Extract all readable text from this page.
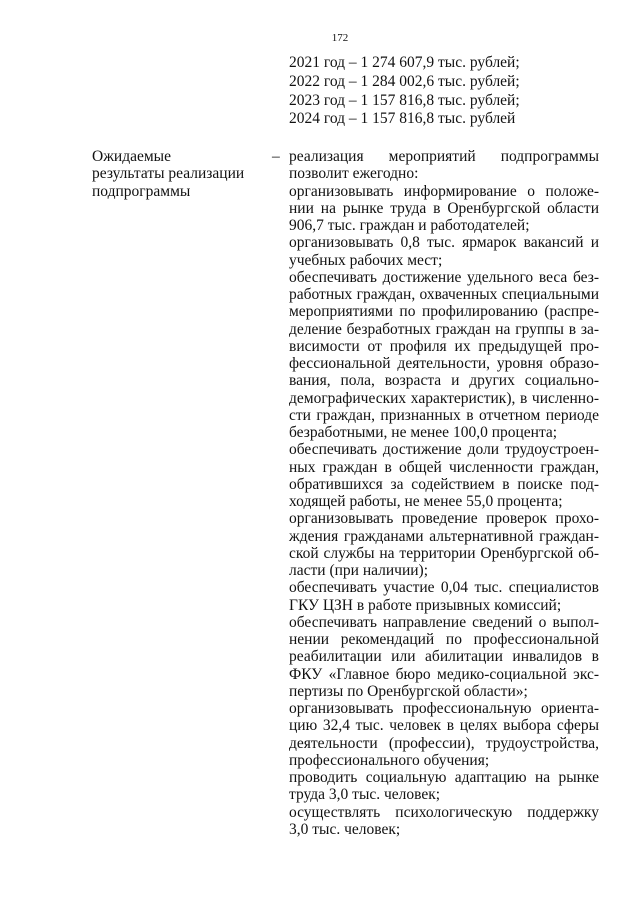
172
2021 год – 1 274 607,9 тыс. рублей;
2022 год – 1 284 002,6 тыс. рублей;
2023 год – 1 157 816,8 тыс. рублей;
2024 год – 1 157 816,8 тыс. рублей
Ожидаемые
результаты реализации
подпрограммы
– реализация мероприятий подпрограммы
позволит ежегодно:
организовывать информирование о положе-
нии на рынке труда в Оренбургской области
906,7 тыс. граждан и работодателей;
организовывать 0,8 тыс. ярмарок вакансий и
учебных рабочих мест;
обеспечивать достижение удельного веса без-
работных граждан, охваченных специальными
мероприятиями по профилированию (распре-
деление безработных граждан на группы в за-
висимости от профиля их предыдущей про-
фессиональной деятельности, уровня образо-
вания, пола, возраста и других социально-
демографических характеристик), в численно-
сти граждан, признанных в отчетном периоде
безработными, не менее 100,0 процента;
обеспечивать достижение доли трудоустроен-
ных граждан в общей численности граждан,
обратившихся за содействием в поиске под-
ходящей работы, не менее 55,0 процента;
организовывать проведение проверок прохо-
ждения гражданами альтернативной граждан-
ской службы на территории Оренбургской об-
ласти (при наличии);
обеспечивать участие 0,04 тыс. специалистов
ГКУ ЦЗН в работе призывных комиссий;
обеспечивать направление сведений о выпол-
нении рекомендаций по профессиональной
реабилитации или абилитации инвалидов в
ФКУ «Главное бюро медико-социальной экс-
пертизы по Оренбургской области»;
организовывать профессиональную ориента-
цию 32,4 тыс. человек в целях выбора сферы
деятельности (профессии), трудоустройства,
профессионального обучения;
проводить социальную адаптацию на рынке
труда 3,0 тыс. человек;
осуществлять психологическую поддержку
3,0 тыс. человек;
